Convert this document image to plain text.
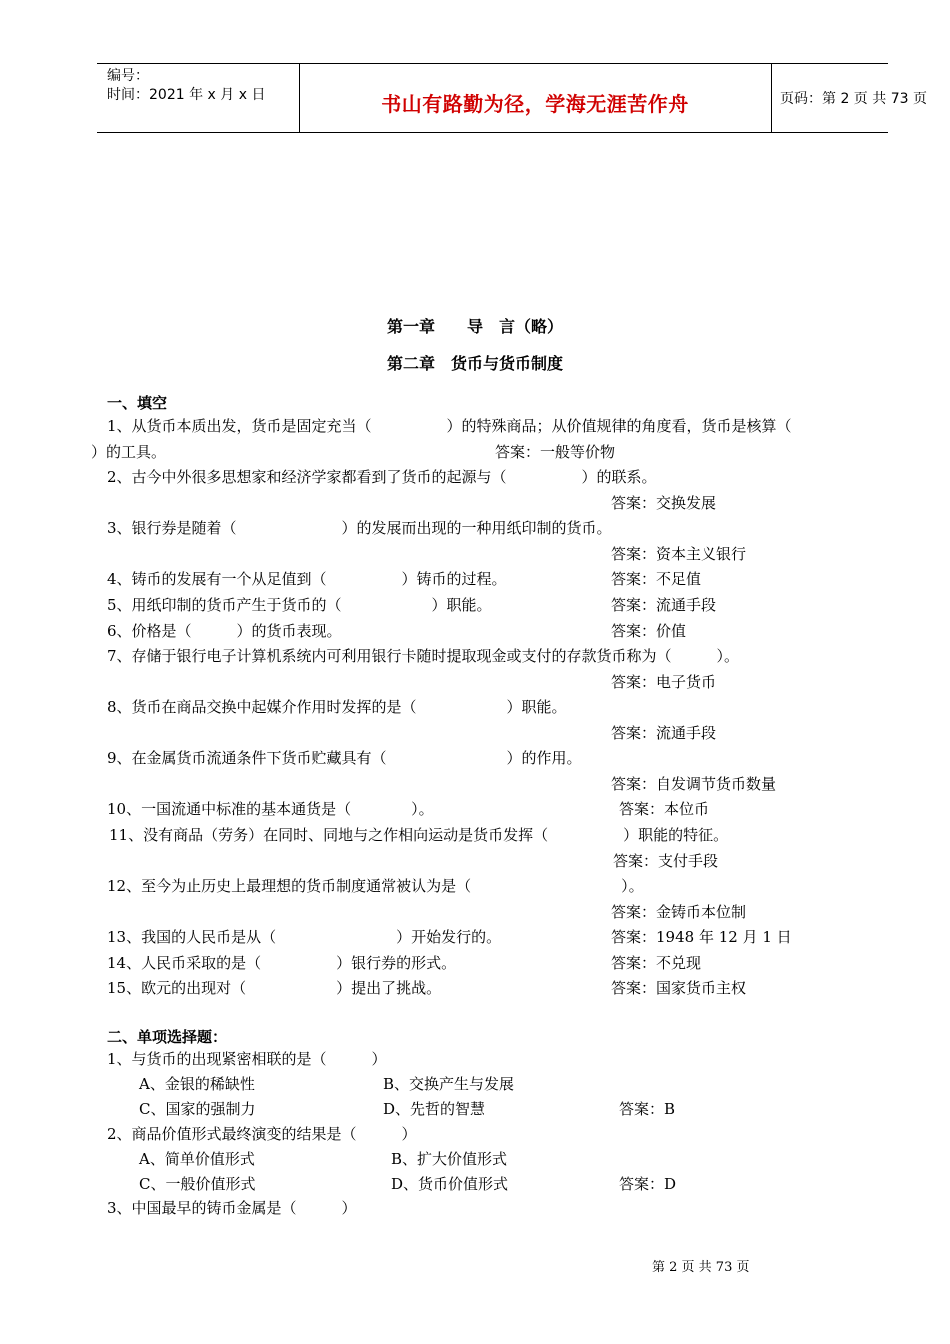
编号：
时间：2021 年 x 月 x 日	书山有路勤为径，学海无涯苦作舟	页码：第 2 页 共 73 页
第一章　　导　言（略）
第二章　货币与货币制度
一、填空
1、从货币本质出发，货币是固定充当（　　　　　）的特殊商品；从价值规律的角度看，货币是核算（
）的工具。	答案：一般等价物
2、古今中外很多思想家和经济学家都看到了货币的起源与（　　　　　）的联系。
答案：交换发展
3、银行券是随着（　　　　　　　）的发展而出现的一种用纸印制的货币。
答案：资本主义银行
4、铸币的发展有一个从足值到（　　　　　）铸币的过程。	答案：不足值
5、用纸印制的货币产生于货币的（　　　　　　）职能。	答案：流通手段
6、价格是（　　　）的货币表现。	答案：价值
7、存储于银行电子计算机系统内可利用银行卡随时提取现金或支付的存款货币称为（　　　）。
答案：电子货币
8、货币在商品交换中起媒介作用时发挥的是（　　　　　　）职能。
答案：流通手段
9、在金属货币流通条件下货币贮藏具有（　　　　　　　　）的作用。
答案：自发调节货币数量
10、一国流通中标准的基本通货是（　　　　）。	答案：本位币
11、没有商品（劳务）在同时、同地与之作相向运动是货币发挥（　　　　　）职能的特征。
答案：支付手段
12、至今为止历史上最理想的货币制度通常被认为是（　　　　　　　　　　）。
答案：金铸币本位制
13、我国的人民币是从（　　　　　　　　）开始发行的。	答案：1948 年 12 月 1 日
14、人民币采取的是（　　　　　）银行券的形式。	答案：不兑现
15、欧元的出现对（　　　　　　）提出了挑战。	答案：国家货币主权
二、单项选择题：
1、与货币的出现紧密相联的是（　　　）
A、金银的稀缺性	B、交换产生与发展
C、国家的强制力	D、先哲的智慧	答案：B
2、商品价值形式最终演变的结果是（　　　）
A、简单价值形式	B、扩大价值形式
C、一般价值形式	D、货币价值形式	答案：D
3、中国最早的铸币金属是（　　　）
第 2 页 共 73 页
